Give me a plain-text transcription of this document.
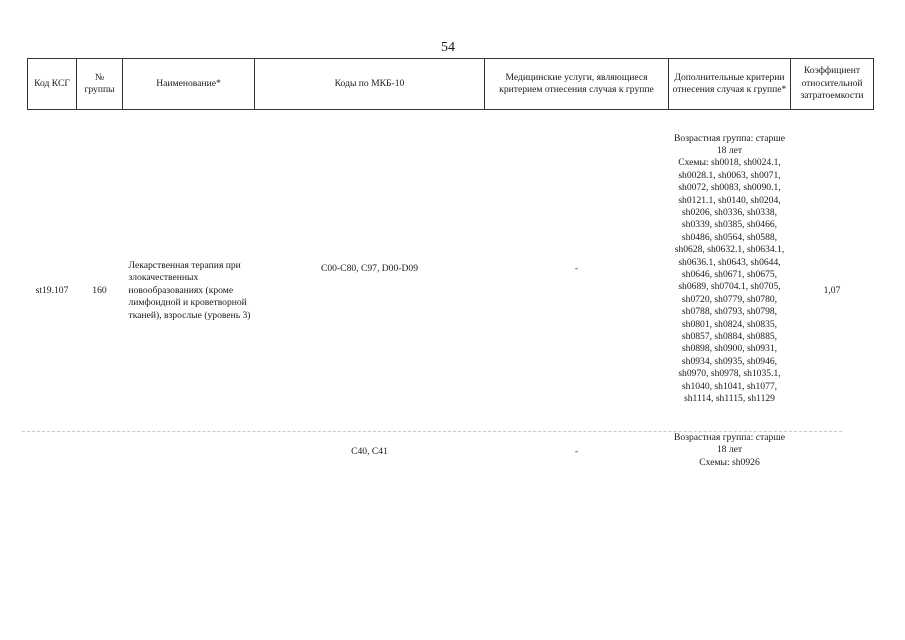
54
Код КСГ	№ группы	Наименование*	Коды по МКБ-10	Медицинские услуги, являющиеся критерием отнесения случая к группе	Дополнительные критерии отнесения случая к группе*	Коэффициент относительной затратоемкости
st19.107	160	Лекарственная терапия при злокачественных новообразованиях (кроме лимфоидной и кроветворной тканей), взрослые (уровень 3)	C00-C80, C97, D00-D09	-	Возрастная группа: старше 18 лет
Схемы: sh0018, sh0024.1, sh0028.1, sh0063, sh0071, sh0072, sh0083, sh0090.1, sh0121.1, sh0140, sh0204, sh0206, sh0336, sh0338, sh0339, sh0385, sh0466, sh0486, sh0564, sh0588, sh0628, sh0632.1, sh0634.1, sh0636.1, sh0643, sh0644, sh0646, sh0671, sh0675, sh0689, sh0704.1, sh0705, sh0720, sh0779, sh0780, sh0788, sh0793, sh0798, sh0801, sh0824, sh0835, sh0857, sh0884, sh0885, sh0898, sh0900, sh0931, sh0934, sh0935, sh0946, sh0970, sh0978, sh1035.1, sh1040, sh1041, sh1077, sh1114, sh1115, sh1129	1,07
			C40, C41	-	Возрастная группа: старше 18 лет
Схемы: sh0926	
